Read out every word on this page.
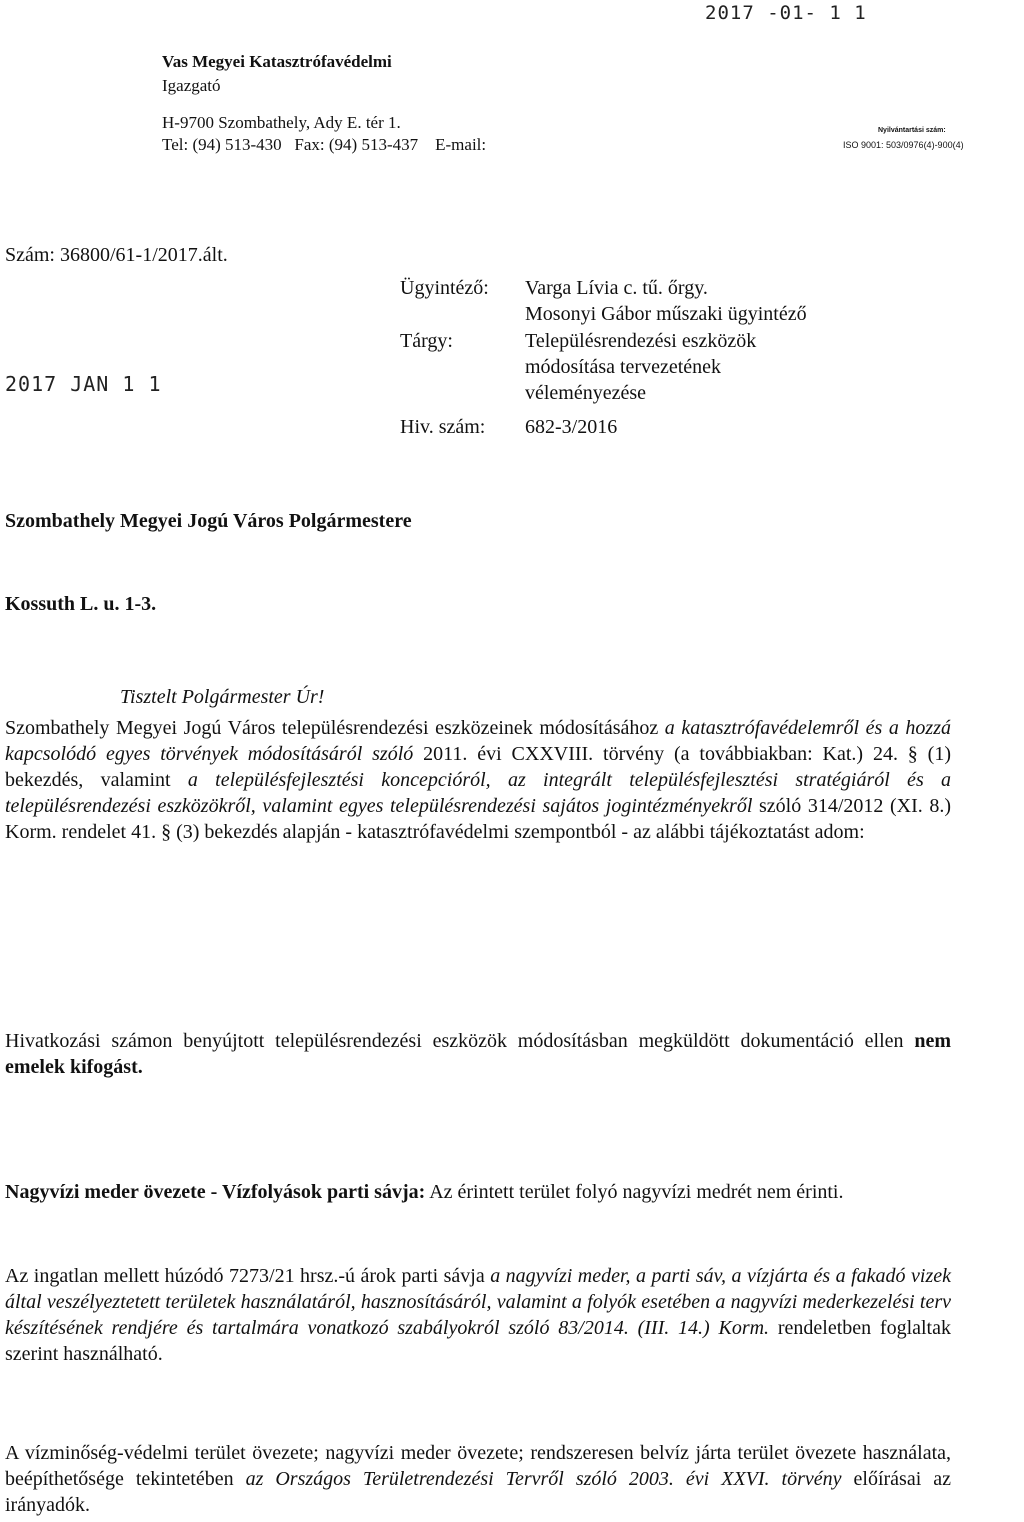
2017 -01- 1 1
Vas Megyei Katasztrófavédelmi
Igazgató
H-9700 Szombathely, Ady E. tér 1.
Tel: (94) 513-430   Fax: (94) 513-437    E-mail:
Nyilvántartási szám:
ISO 9001: 503/0976(4)-900(4)
Szám: 36800/61-1/2017.ált.
2017 JAN 1 1
Ügyintéző: Varga Lívia c. tű. őrgy.
Mosonyi Gábor műszaki ügyintéző
Tárgy:	Településrendezési eszközök
módosítása tervezetének
véleményezése
Hiv. szám: 682-3/2016
Szombathely Megyei Jogú Város Polgármestere
Kossuth L. u. 1-3.
Tisztelt Polgármester Úr!
Szombathely Megyei Jogú Város településrendezési eszközeinek módosításához a katasztrófavédelemről és a hozzá kapcsolódó egyes törvények módosításáról szóló 2011. évi CXXVIII. törvény (a továbbiakban: Kat.) 24. § (1) bekezdés, valamint a településfejlesztési koncepcióról, az integrált településfejlesztési stratégiáról és a településrendezési eszközökről, valamint egyes településrendezési sajátos jogintézményekről szóló 314/2012 (XI. 8.) Korm. rendelet 41. § (3) bekezdés alapján - katasztrófavédelmi szempontból - az alábbi tájékoztatást adom:
Hivatkozási számon benyújtott településrendezési eszközök módosításban megküldött dokumentáció ellen nem emelek kifogást.
Nagyvízi meder övezete - Vízfolyások parti sávja: Az érintett terület folyó nagyvízi medrét nem érinti.
Az ingatlan mellett húzódó 7273/21 hrsz.-ú árok parti sávja a nagyvízi meder, a parti sáv, a vízjárta és a fakadó vizek által veszélyeztetett területek használatáról, hasznosításáról, valamint a folyók esetében a nagyvízi mederkezelési terv készítésének rendjére és tartalmára vonatkozó szabályokról szóló 83/2014. (III. 14.) Korm. rendeletben foglaltak szerint használható.
A vízminőség-védelmi terület övezete; nagyvízi meder övezete; rendszeresen belvíz járta terület övezete használata, beépíthetősége tekintetében az Országos Területrendezési Tervről szóló 2003. évi XXVI. törvény előírásai az irányadók.
